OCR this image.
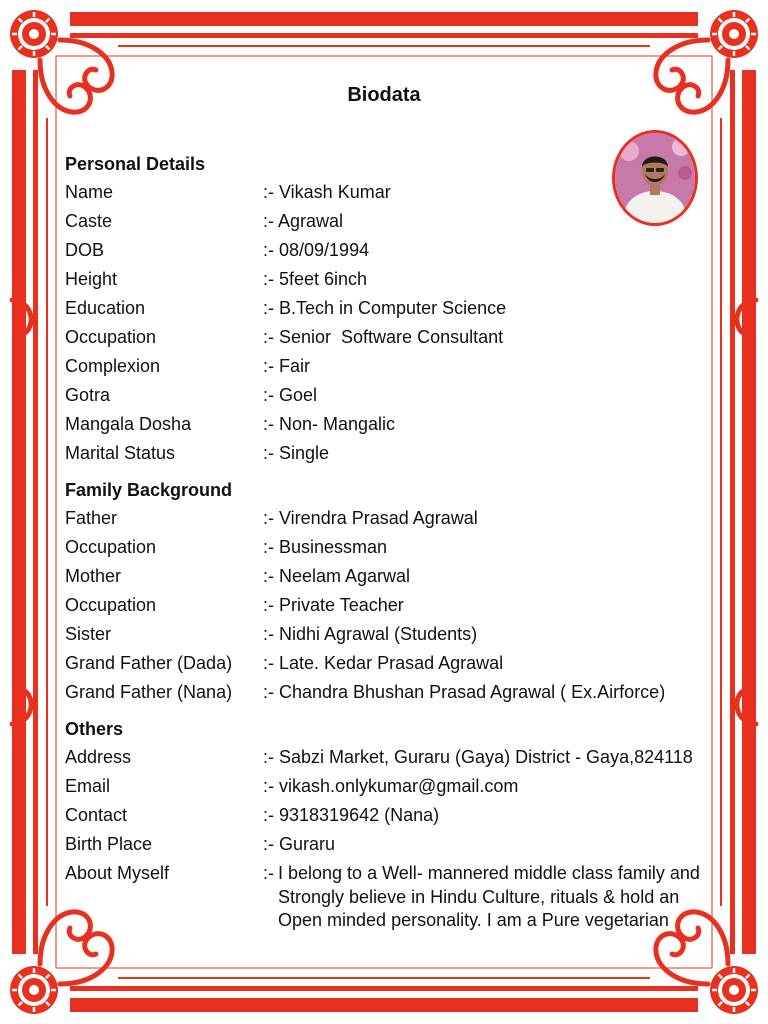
Biodata
Personal Details
Name	:- Vikash Kumar
Caste	:- Agrawal
DOB	:- 08/09/1994
Height	:- 5feet 6inch
Education	:- B.Tech in Computer Science
Occupation	:- Senior  Software Consultant
Complexion	:- Fair
Gotra	:- Goel
Mangala Dosha	:- Non- Mangalic
Marital Status	:- Single
Family Background
Father	:- Virendra Prasad Agrawal
Occupation	:- Businessman
Mother	:- Neelam Agarwal
Occupation	:- Private Teacher
Sister	:- Nidhi Agrawal (Students)
Grand Father (Dada) :- Late. Kedar Prasad Agrawal
Grand Father (Nana) :- Chandra Bhushan Prasad Agrawal ( Ex.Airforce)
Others
Address	:- Sabzi Market, Guraru (Gaya) District - Gaya,824118
Email	:- vikash.onlykumar@gmail.com
Contact	:- 9318319642 (Nana)
Birth Place	:- Guraru
About Myself	:- I belong to a Well- mannered middle class family and Strongly believe in Hindu Culture, rituals & hold an Open minded personality. I am a Pure vegetarian
